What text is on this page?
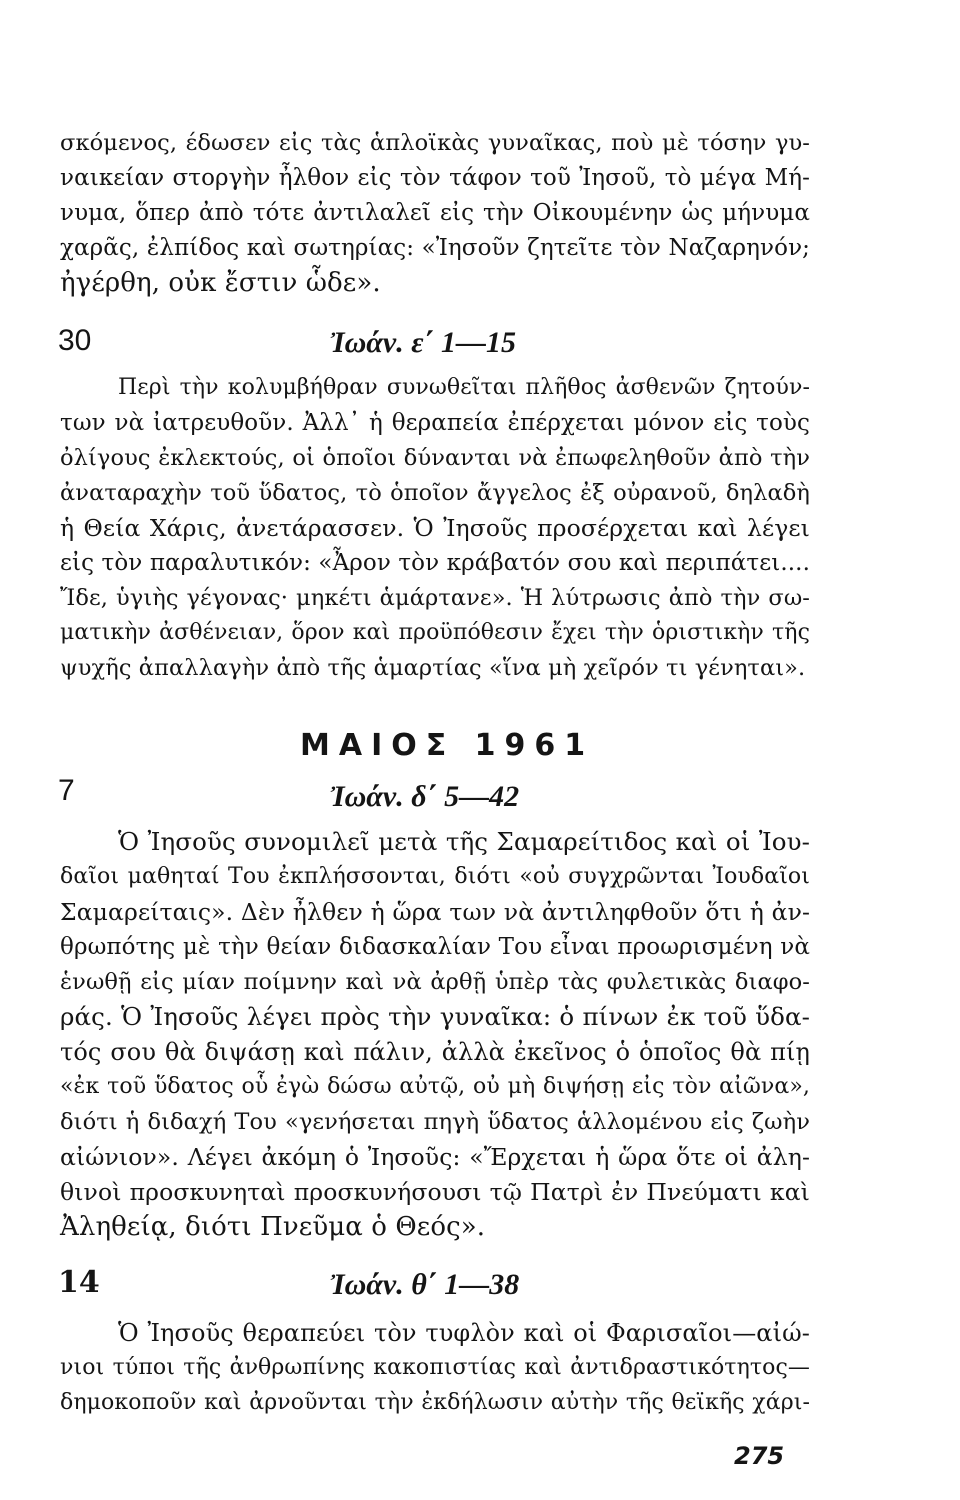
σκόμενος, έδωσεν εἰς τὰς ἁπλοϊκὰς γυναῖκας, ποὺ μὲ τόσην γυ-
ναικείαν στοργὴν ἦλθον εἰς τὸν τάφον τοῦ Ἰησοῦ, τὸ μέγα Μή-
νυμα, ὅπερ ἀπὸ τότε ἀντιλαλεῖ εἰς τὴν Οἰκουμένην ὡς μήνυμα
χαρᾶς, ἐλπίδος καὶ σωτηρίας: «Ἰησοῦν ζητεῖτε τὸν Ναζαρηνόν;
ἠγέρθη, οὐκ ἔστιν ὧδε».
30	Ἰωάν. ε΄ 1—15
Περὶ τὴν κολυμβήθραν συνωθεῖται πλῆθος ἀσθενῶν ζητούν-
των νὰ ἰατρευθοῦν. Ἀλλ᾽ ἡ θεραπεία ἐπέρχεται μόνον εἰς τοὺς
ὀλίγους ἐκλεκτούς, οἱ ὁποῖοι δύνανται νὰ ἐπωφεληθοῦν ἀπὸ τὴν
ἀναταραχὴν τοῦ ὕδατος, τὸ ὁποῖον ἄγγελος ἐξ οὐρανοῦ, δηλαδὴ
ἡ Θεία Χάρις, ἀνετάρασσεν. Ὁ Ἰησοῦς προσέρχεται καὶ λέγει
εἰς τὸν παραλυτικόν: «Ἆρον τὸν κράβατόν σου καὶ περιπάτει....
Ἴδε, ὑγιὴς γέγονας· μηκέτι ἁμάρτανε». Ἡ λύτρωσις ἀπὸ τὴν σω-
ματικὴν ἀσθένειαν, ὅρον καὶ προϋπόθεσιν ἔχει τὴν ὁριστικὴν τῆς
ψυχῆς ἀπαλλαγὴν ἀπὸ τῆς ἁμαρτίας «ἵνα μὴ χεῖρόν τι γένηται».
ΜΑΙΟΣ 1961
7	Ἰωάν. δ΄ 5—42
Ὁ Ἰησοῦς συνομιλεῖ μετὰ τῆς Σαμαρείτιδος καὶ οἱ Ἰου-
δαῖοι μαθηταί Του ἐκπλήσσονται, διότι «οὐ συγχρῶνται Ἰουδαῖοι
Σαμαρείταις». Δὲν ἦλθεν ἡ ὥρα των νὰ ἀντιληφθοῦν ὅτι ἡ ἀν-
θρωπότης μὲ τὴν θείαν διδασκαλίαν Του εἶναι προωρισμένη νὰ
ἑνωθῇ εἰς μίαν ποίμνην καὶ νὰ ἀρθῇ ὑπὲρ τὰς φυλετικὰς διαφο-
ράς. Ὁ Ἰησοῦς λέγει πρὸς τὴν γυναῖκα: ὁ πίνων ἐκ τοῦ ὕδα-
τός σου θὰ διψάσῃ καὶ πάλιν, ἀλλὰ ἐκεῖνος ὁ ὁποῖος θὰ πίῃ
«ἐκ τοῦ ὕδατος οὗ ἐγὼ δώσω αὐτῷ, οὐ μὴ διψήσῃ εἰς τὸν αἰῶνα»,
διότι ἡ διδαχή Του «γενήσεται πηγὴ ὕδατος ἁλλομένου εἰς ζωὴν
αἰώνιον». Λέγει ἀκόμη ὁ Ἰησοῦς: «Ἔρχεται ἡ ὥρα ὅτε οἱ ἀλη-
θινοὶ προσκυνηταὶ προσκυνήσουσι τῷ Πατρὶ ἐν Πνεύματι καὶ
Ἀληθείᾳ, διότι Πνεῦμα ὁ Θεός».
14	Ἰωάν. θ΄ 1—38
Ὁ Ἰησοῦς θεραπεύει τὸν τυφλὸν καὶ οἱ Φαρισαῖοι—αἰώ-
νιοι τύποι τῆς ἀνθρωπίνης κακοπιστίας καὶ ἀντιδραστικότητος—
δημοκοποῦν καὶ ἀρνοῦνται τὴν ἐκδήλωσιν αὐτὴν τῆς θεϊκῆς χάρι-
275
